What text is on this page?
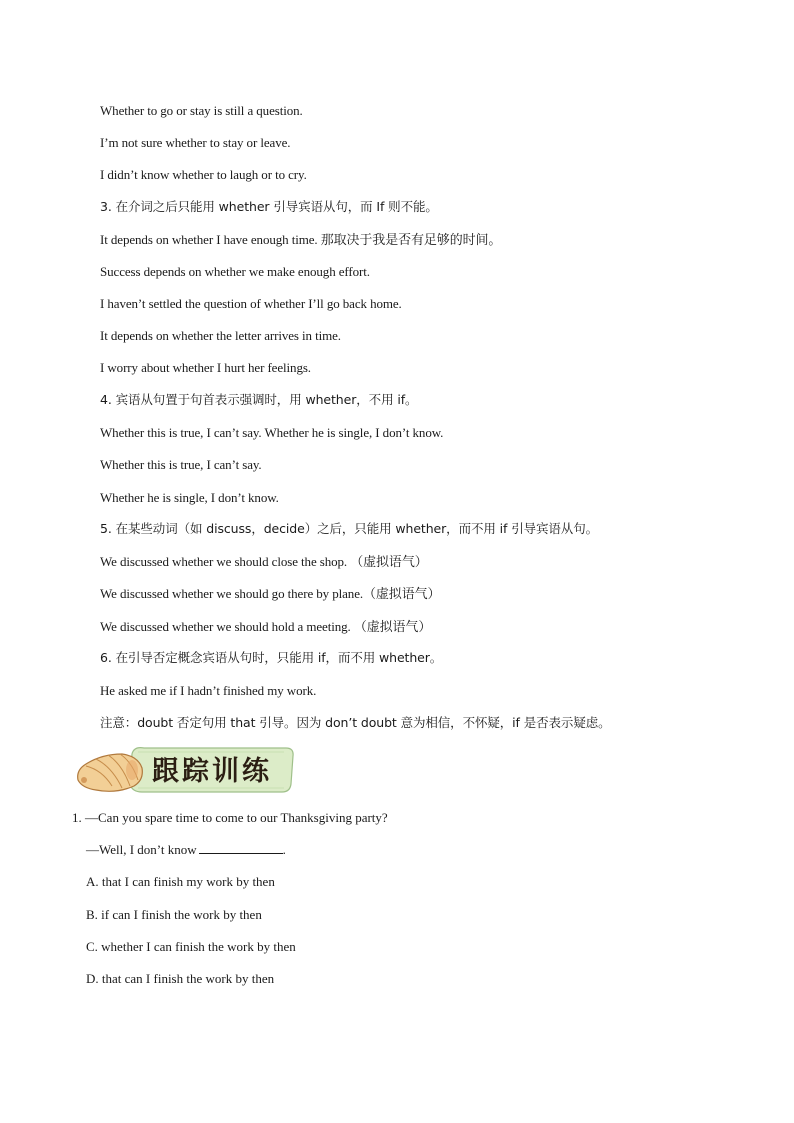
Whether to go or stay is still a question.
I’m not sure whether to stay or leave.
I didn’t know whether to laugh or to cry.
3. 在介词之后只能用 whether 引导宾语从句，而 If 则不能。
It depends on whether I have enough time. 那取决于我是否有足够的时间。
Success depends on whether we make enough effort.
I haven’t settled the question of whether I’ll go back home.
It depends on whether the letter arrives in time.
I worry about whether I hurt her feelings.
4. 宾语从句置于句首表示强调时，用 whether，不用 if。
Whether this is true, I can’t say. Whether he is single, I don’t know.
Whether this is true, I can’t say.
Whether he is single, I don’t know.
5. 在某些动词（如 discuss，decide）之后，只能用 whether，而不用 if 引导宾语从句。
We discussed whether we should close the shop. （虚拟语气）
We discussed whether we should go there by plane.（虚拟语气）
We discussed whether we should hold a meeting. （虚拟语气）
6. 在引导否定概念宾语从句时，只能用 if，而不用 whether。
He asked me if I hadn’t finished my work.
注意：doubt 否定句用 that 引导。因为 don’t doubt 意为相信，不怀疑，if 是否表示疑虑。
跟踪训练
1. —Can you spare time to come to our Thanksgiving party?
—Well, I don’t know	.
A. that I can finish my work by then
B. if can I finish the work by then
C. whether I can finish the work by then
D. that can I finish the work by then
